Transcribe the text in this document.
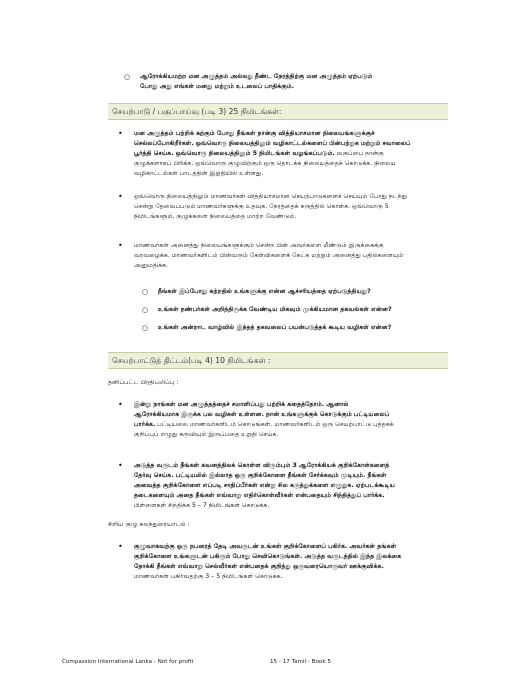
○ ஆரோக்கியமற்ற மன அழுத்தம் அல்லது நீண்ட நேரத்திற்கு மன அழுத்தம் ஏற்படும்

போது அது எங்கள் மனது மற்றும் உடலைப் பாதிக்கும்.

செயற்பாடு / பகுப்பாய்வு (படி 3) 25 நிமிடங்கள்:
• மன அழுத்தம் பற்றிக் கற்கும் போது நீங்கள் நான்கு வித்தியாசமான நிலையங்களுக்குச்

செல்லப்போகிறீர்கள். ஒவ்வொரு நிலையத்திலும் வழிகாட்டல்களைப் பின்பற்றுக மற்றும் சவாலைப்

பூர்த்தி செய்க. ஒவ்வொரு நிலையத்திலும் 5 நிமிடங்கள் வழங்கப்படும். வகுப்பை நான்கு

குழுக்களாகப் பிரிக்க. ஒவ்வொரு குழுவிற்கும் ஒரு தொடக்க நிலையத்தைக் கொடுக்க. நிலைய

வழிகாட்டல்கள் பாடத்தின் இறுதியில் உள்ளது.

• ஒவ்வொரு நிலையத்திலும் மாணவர்கள் வித்தியாசமான செயற்பாடுகளைச் செய்யும் போது நடந்து

சென்று தேவைப்படும் மாணவர்களுக்கு உதவுக. நேரத்தைக் கருத்தில் கொள்க. ஒவ்வொரு 5

நிமிடங்களும், குழுக்களை நிலையத்தை மாற்ற வேண்டும்.

• மாணவர்கள் அனைத்து நிலையங்களுக்கும் சென்ற பின் அவர்களை மீண்டும் இருக்கைக்கு

வரவழைக்க. மாணவர்களிடம் பின்வரும் கேள்விகளைக் கேட்க மற்றும் அனைத்து பதில்களையும்

அனுமதிக்க.

○ நீங்கள் இப்போது கற்றதில் உங்களுக்கு என்ன ஆச்சரியத்தை ஏற்படுத்தியது?

○ உங்கள் நண்பர்கள் அறிந்திருக்க வேண்டிய மிகவும் முக்கியமான தகவல்கள் என்ன?

○ உங்கள் அன்றாட வாழ்வில் இந்தத் தகவலைப் பயன்படுத்தக் கூடிய வழிகள் என்ன?

செயற்பாட்டுத் திட்டம்(படி 4) 10 நிமிடங்கள் :

தனிப்பட்ட பிரதிபலிப்பு :

• இன்று நாங்கள் மன அழுத்தத்தைச் சமாளிப்பது பற்றிக் கதைத்தோம். ஆனால்

ஆரோக்கியமாக இருக்க பல வழிகள் உள்ளன. நான் உங்களுக்குக் கொடுக்கும் பட்டியலைப்

பார்க்க. பட்டியலை மாணவர்களிடம் கொடுங்கள். மாணவர்களிடம் ஒரு செயற்பாட்டு புத்தகக்

குறிப்புப் எழுது கருவியும் இருப்பதை உறுதி செய்க.

• அடுத்த வருடம் நீங்கள் கவனத்திலக் கொள்ள விரும்பும் 3 ஆரோக்கியக் குறிக்கோள்களைத்

தேர்வு செய்க. பட்டியலில் இல்லாத ஒரு குறிக்கோளை நீங்கள் சேர்க்கவும் முடியும். நீங்கள்

அவைத்த குறிக்கோளை எப்படி சாதிப்பீர்கள் என்று சில கருத்துக்களை எழுதுக. ஏற்படக்கூடிய

தடைகளையும் அதை நீங்கள் எவ்வாறு எதிர்கொள்வீர்கள் என்பதையும் சிந்தித்துப் பார்க்க.

பிள்ளைகள் சிந்திக்க 5 – 7 நிமிடங்கள் கொடுக்க.

சிறிய குழு கலந்துரையாடல் :

• குழுவாகவற்கு ஒரு நபரைத் தேடி அவருடன் உங்கள் குறிக்கோளைப் பகிர்க. அவர்கள் தங்கள்

குறிக்கோளை உங்களுடன் பகிரும் போது செவிகொடுங்கள். அடுத்த வருடத்தில் இந்த இலக்கை

நோக்கி நீங்கள் எவ்வாறு செல்வீர்கள் என்பதைக் குறித்து ஒருவரையொருவர் ஊக்குவிக்க.

மாணவர்கள் பகிர்வதற்கு 3 – 5 நிமிடங்கள் கொடுக்க.

Compassion International Lanka - Not for profit	15 - 17 Tamil - Book 5
